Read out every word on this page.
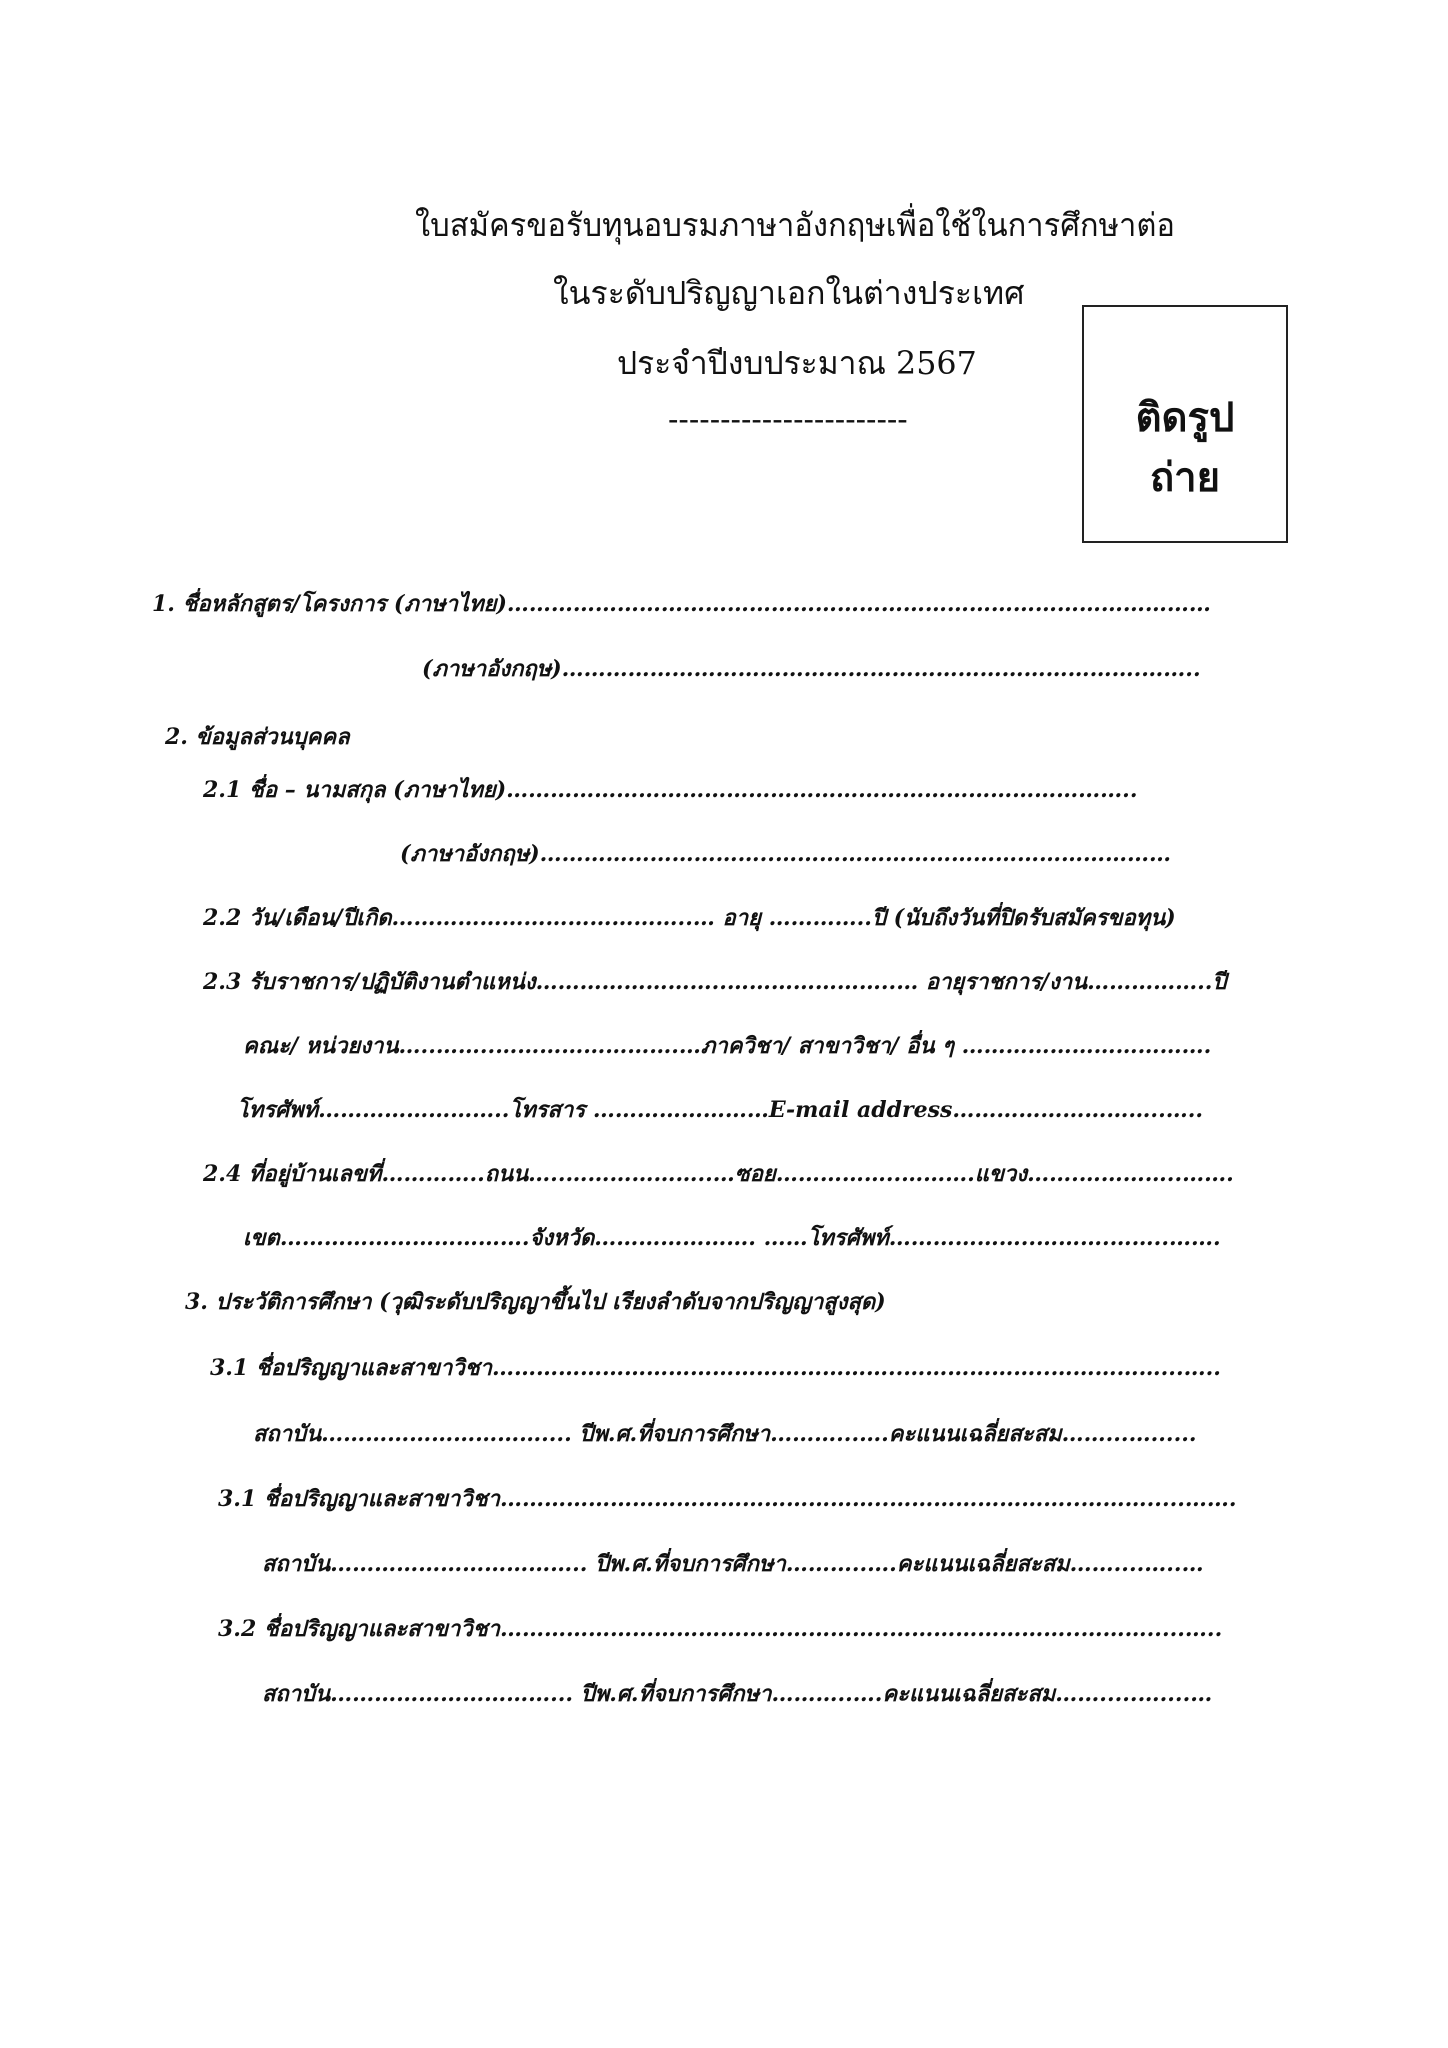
ใบสมัครขอรับทุนอบรมภาษาอังกฤษเพื่อใช้ในการศึกษาต่อ
ในระดับปริญญาเอกในต่างประเทศ
ประจำปีงบประมาณ 2567
-----------------------	ติดรูป
ถ่าย
1. ชื่อหลักสูตร/โครงการ (ภาษาไทย)……………………………………………………………………………………
(ภาษาอังกฤษ)…………………………………………………………………….……..
2. ข้อมูลส่วนบุคคล
2.1 ชื่อ – นามสกุล (ภาษาไทย)…………………………………………………………………………..
(ภาษาอังกฤษ)…………………………..………………………………………………
2.2 วัน/เดือน/ปีเกิด…………………………………..… อายุ …………..ปี (นับถึงวันที่ปิดรับสมัครขอทุน)
2.3 รับราชการ/ปฏิบัติงานตำแหน่ง……………………..…………………..… อายุราชการ/งาน……………..ปี
คณะ/ หน่วยงาน…..……..…………………….…ภาควิชา/ สาขาวิชา/ อื่น ๆ …………………………….
โทรศัพท์……………………..โทรสาร ……………………E-mail address………………………..…..
2.4 ที่อยู่บ้านเลขที่…………..ถนน…..………………..…ซอย……………..……….แขวง…….…………..…….
เขต…………………………….จังหวัด…………………. ……โทรศัพท์………………..……….……..…….
3. ประวัติการศึกษา (วุฒิระดับปริญญาขึ้นไป เรียงลำดับจากปริญญาสูงสุด)
3.1 ชื่อปริญญาและสาขาวิชา………………………………………………..………………..……………...…..
สถาบัน………………………….... ปีพ.ศ.ที่จบการศึกษา………...….คะแนนเฉลี่ยสะสม……...…......
3.1 ชื่อปริญญาและสาขาวิชา……………………………………………..……………………..……….....…….
สถาบัน…………………………….. ปีพ.ศ.ที่จบการศึกษา………..….คะแนนเฉลี่ยสะสม……....…..…
3.2 ชื่อปริญญาและสาขาวิชา……………………………………………..……………………..……….....…..
สถาบัน…………………………... ปีพ.ศ.ที่จบการศึกษา………..….คะแนนเฉลี่ยสะสม…….....…....…
